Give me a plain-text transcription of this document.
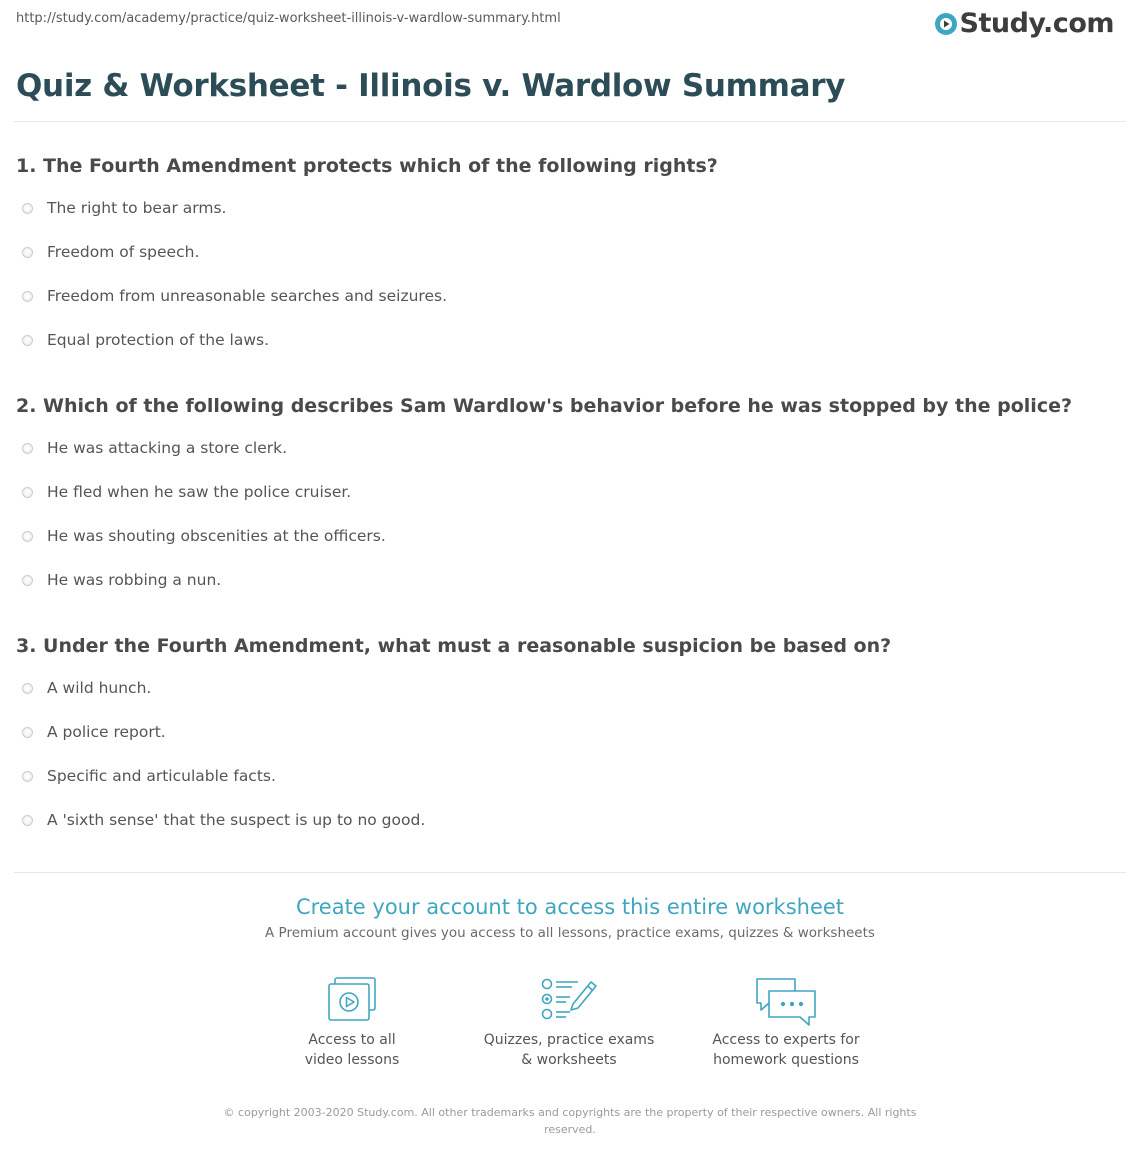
http://study.com/academy/practice/quiz-worksheet-illinois-v-wardlow-summary.html	Study.com
Quiz & Worksheet - Illinois v. Wardlow Summary
1. The Fourth Amendment protects which of the following rights?
The right to bear arms.
Freedom of speech.
Freedom from unreasonable searches and seizures.
Equal protection of the laws.
2. Which of the following describes Sam Wardlow's behavior before he was stopped by the police?
He was attacking a store clerk.
He fled when he saw the police cruiser.
He was shouting obscenities at the officers.
He was robbing a nun.
3. Under the Fourth Amendment, what must a reasonable suspicion be based on?
A wild hunch.
A police report.
Specific and articulable facts.
A 'sixth sense' that the suspect is up to no good.
Create your account to access this entire worksheet
A Premium account gives you access to all lessons, practice exams, quizzes & worksheets
Access to all
video lessons
Quizzes, practice exams
& worksheets
Access to experts for
homework questions
© copyright 2003-2020 Study.com. All other trademarks and copyrights are the property of their respective owners. All rights
reserved.
